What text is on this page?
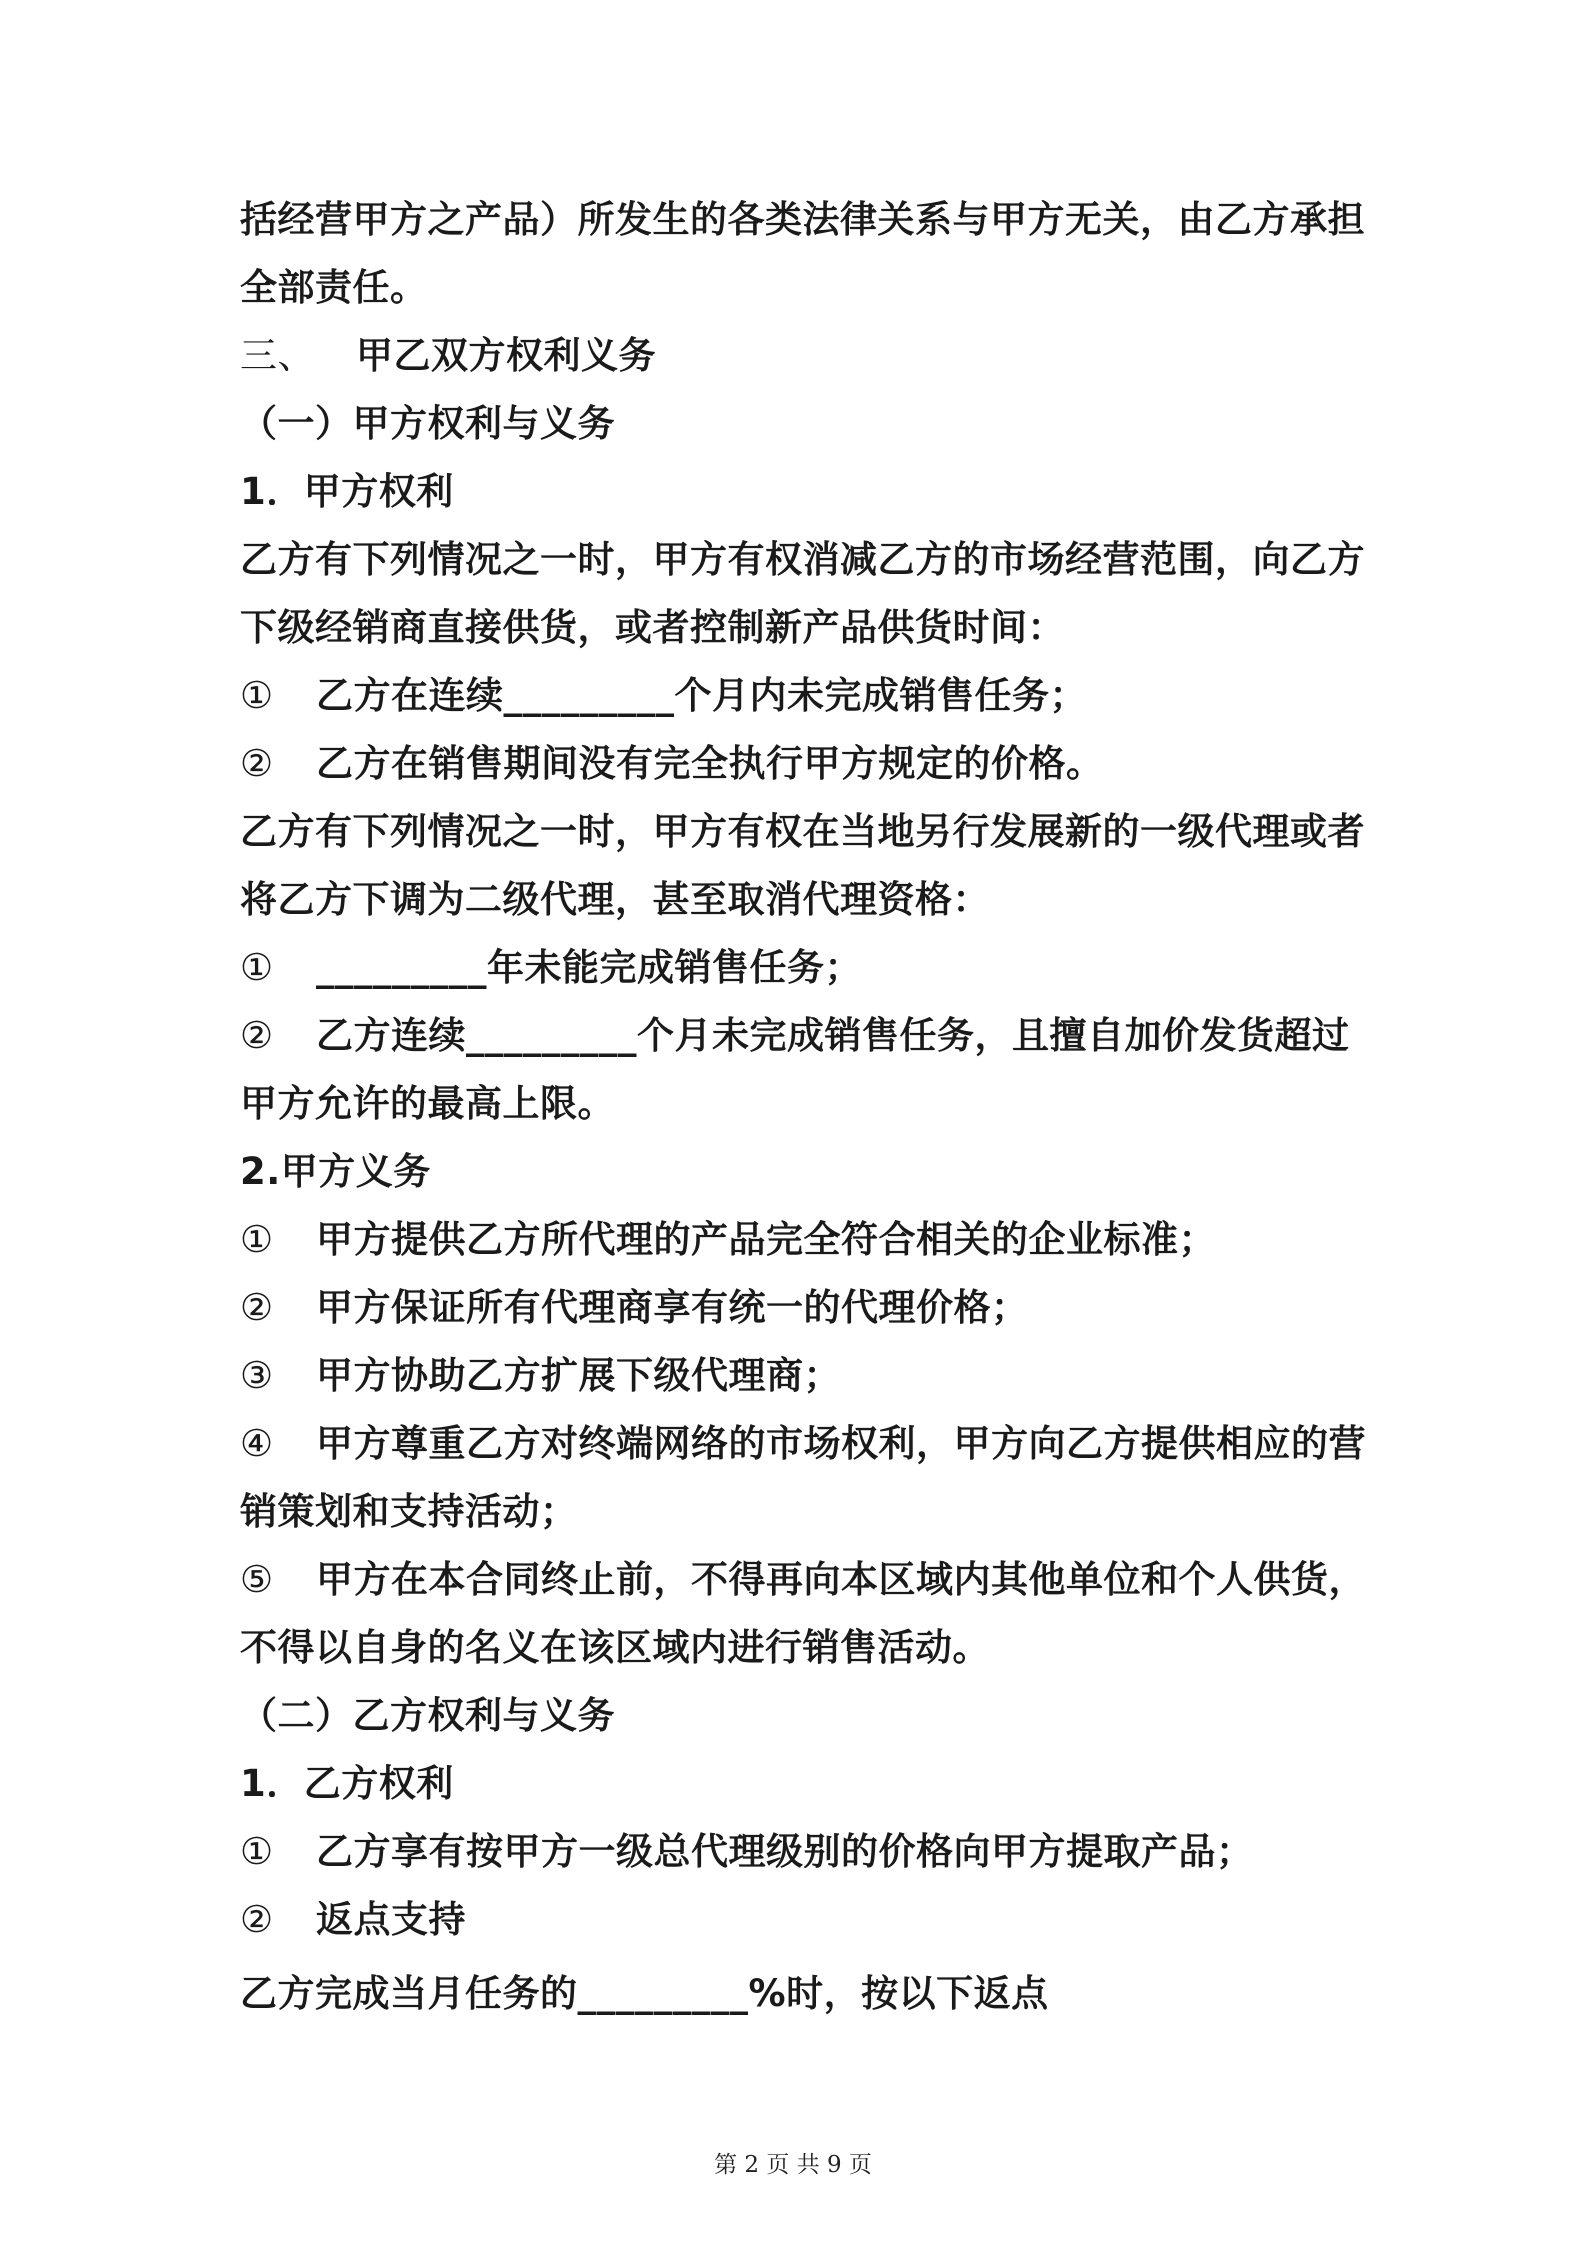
括经营甲方之产品）所发生的各类法律关系与甲方无关，由乙方承担
全部责任。
三、	甲乙双方权利义务
（一）甲方权利与义务
1．甲方权利
乙方有下列情况之一时，甲方有权消减乙方的市场经营范围，向乙方
下级经销商直接供货，或者控制新产品供货时间：
①	乙方在连续_________个月内未完成销售任务；
②	乙方在销售期间没有完全执行甲方规定的价格。
乙方有下列情况之一时，甲方有权在当地另行发展新的一级代理或者
将乙方下调为二级代理，甚至取消代理资格：
①	_________年未能完成销售任务；
②	乙方连续_________个月未完成销售任务，且擅自加价发货超过
甲方允许的最高上限。
2.甲方义务
①	甲方提供乙方所代理的产品完全符合相关的企业标准；
②	甲方保证所有代理商享有统一的代理价格；
③	甲方协助乙方扩展下级代理商；
④	甲方尊重乙方对终端网络的市场权利，甲方向乙方提供相应的营
销策划和支持活动；
⑤	甲方在本合同终止前，不得再向本区域内其他单位和个人供货，
不得以自身的名义在该区域内进行销售活动。
（二）乙方权利与义务
1．乙方权利
①	乙方享有按甲方一级总代理级别的价格向甲方提取产品；
②	返点支持
乙方完成当月任务的_________%时，按以下返点
第 2 页 共 9 页
